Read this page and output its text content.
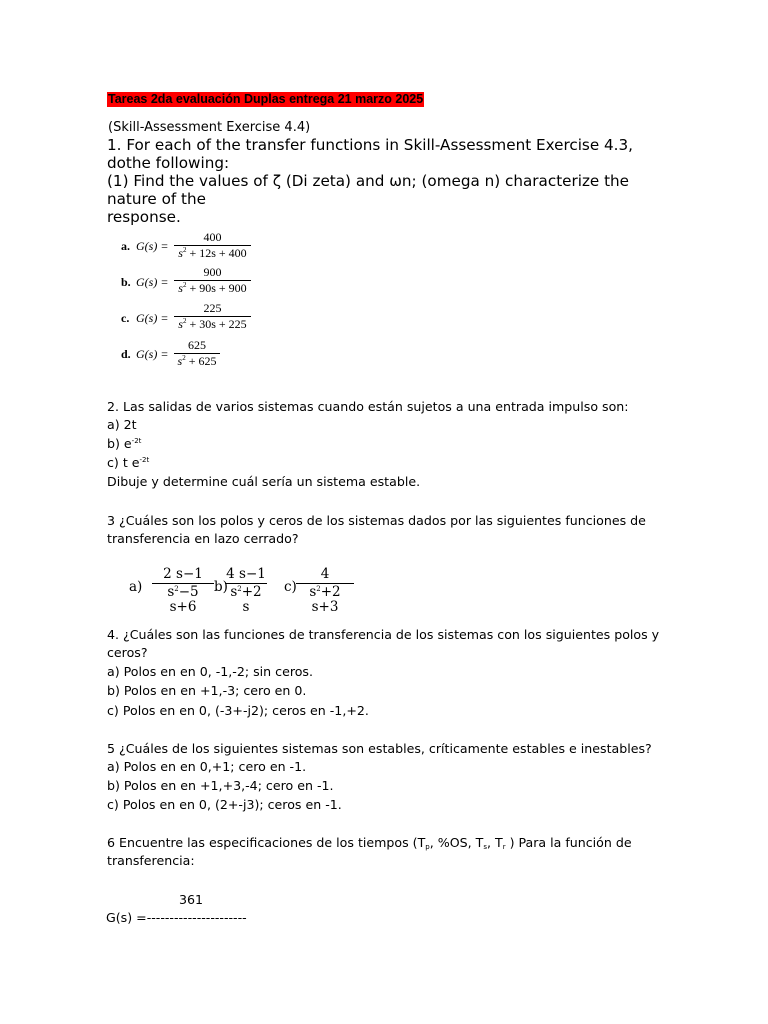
Tareas 2da evaluación Duplas entrega 21 marzo 2025
(Skill-Assessment Exercise 4.4)
1. For each of the transfer functions in Skill-Assessment Exercise 4.3,
dothe following:
(1) Find the values of ζ (Di zeta) and ωn; (omega n) characterize the
nature of the
response.
a. G(s) =
400
$s^2 + 12s + 400$
b. G(s) =
900
$s^2 + 90s + 900$
c. G(s) =
225
$s^2 + 30s + 225$
d. G(s) =
625
$s^2 + 625$
2. Las salidas de varios sistemas cuando están sujetos a una entrada impulso son:
a) 2t
b) $e^{-2t}$
c) t $e^{-2t}$
Dibuje y determine cuál sería un sistema estable.
3 ¿Cuáles son los polos y ceros de los sistemas dados por las siguientes funciones de
transferencia en lazo cerrado?
a)
2 s−1
$s^2-5$ s+6
b)
4 s−1
$s^2+2$ s
c)
4
$s^2+2$ s+3
4. ¿Cuáles son las funciones de transferencia de los sistemas con los siguientes polos y
ceros?
a) Polos en en 0, -1,-2; sin ceros.
b) Polos en en +1,-3; cero en 0.
c) Polos en en 0, (-3+-j2); ceros en -1,+2.
5 ¿Cuáles de los siguientes sistemas son estables, críticamente estables e inestables?
a) Polos en en 0,+1; cero en -1.
b) Polos en en +1,+3,-4; cero en -1.
c) Polos en en 0, (2+-j3); ceros en -1.
6 Encuentre las especificaciones de los tiempos ($T_p$, %OS, $T_s$, $T_r$ ) Para la función de
transferencia:
361
G(s) =----------------------
